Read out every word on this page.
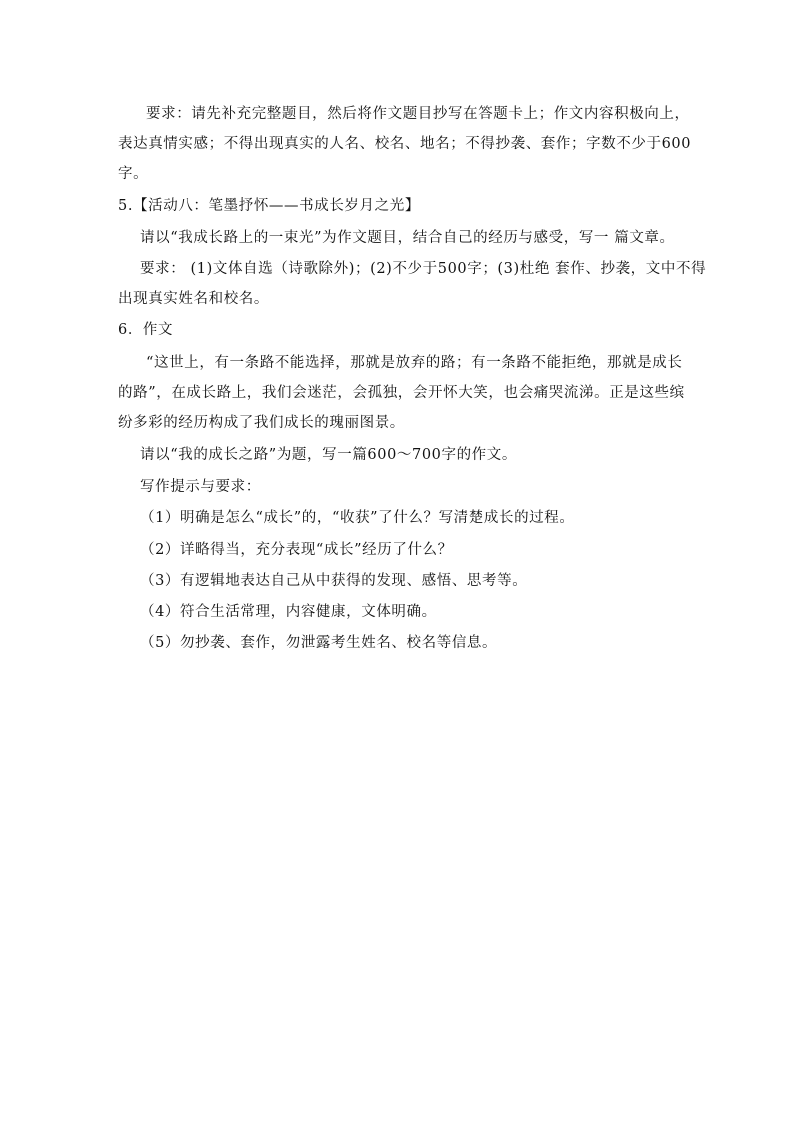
要求：请先补充完整题目，然后将作文题目抄写在答题卡上；作文内容积极向上，
表达真情实感；不得出现真实的人名、校名、地名；不得抄袭、套作；字数不少于600
字。
5.【活动八：笔墨抒怀——书成长岁月之光】
请以“我成长路上的一束光”为作文题目，结合自己的经历与感受，写一 篇文章。
要求： (1)文体自选（诗歌除外)；(2)不少于500字；(3)杜绝 套作、抄袭，文中不得
出现真实姓名和校名。
6．作文
“这世上，有一条路不能选择，那就是放弃的路；有一条路不能拒绝，那就是成长
的路”，在成长路上，我们会迷茫，会孤独，会开怀大笑，也会痛哭流涕。正是这些缤
纷多彩的经历构成了我们成长的瑰丽图景。
请以“我的成长之路”为题，写一篇600～700字的作文。
写作提示与要求：
（1）明确是怎么“成长”的，“收获”了什么？写清楚成长的过程。
（2）详略得当，充分表现“成长”经历了什么？
（3）有逻辑地表达自己从中获得的发现、感悟、思考等。
（4）符合生活常理，内容健康，文体明确。
（5）勿抄袭、套作，勿泄露考生姓名、校名等信息。
